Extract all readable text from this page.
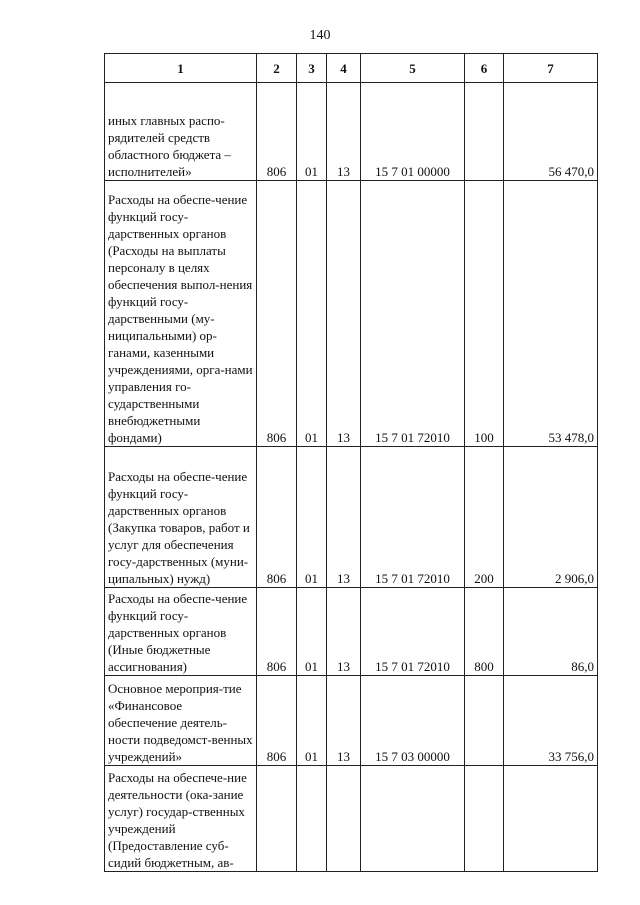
140
1	2	3	4	5	6	7
иных главных распо-рядителей средств областного бюджета – исполнителей»	806	01	13	15 7 01 00000		56 470,0
Расходы на обеспе-чение функций госу-дарственных органов (Расходы на выплаты персоналу в целях обеспечения выпол-нения функций госу-дарственными (му-ниципальными) ор-ганами, казенными учреждениями, орга-нами управления го-сударственными внебюджетными фондами)	806	01	13	15 7 01 72010	100	53 478,0
Расходы на обеспе-чение функций госу-дарственных органов (Закупка товаров, работ и услуг для обеспечения госу-дарственных (муни-ципальных) нужд)	806	01	13	15 7 01 72010	200	2 906,0
Расходы на обеспе-чение функций госу-дарственных органов (Иные бюджетные ассигнования)	806	01	13	15 7 01 72010	800	86,0
Основное мероприя-тие «Финансовое обеспечение деятель-ности подведомст-венных учреждений»	806	01	13	15 7 03 00000		33 756,0
Расходы на обеспече-ние деятельности (ока-зание услуг) государ-ственных учреждений (Предоставление суб-сидий бюджетным, ав-						
